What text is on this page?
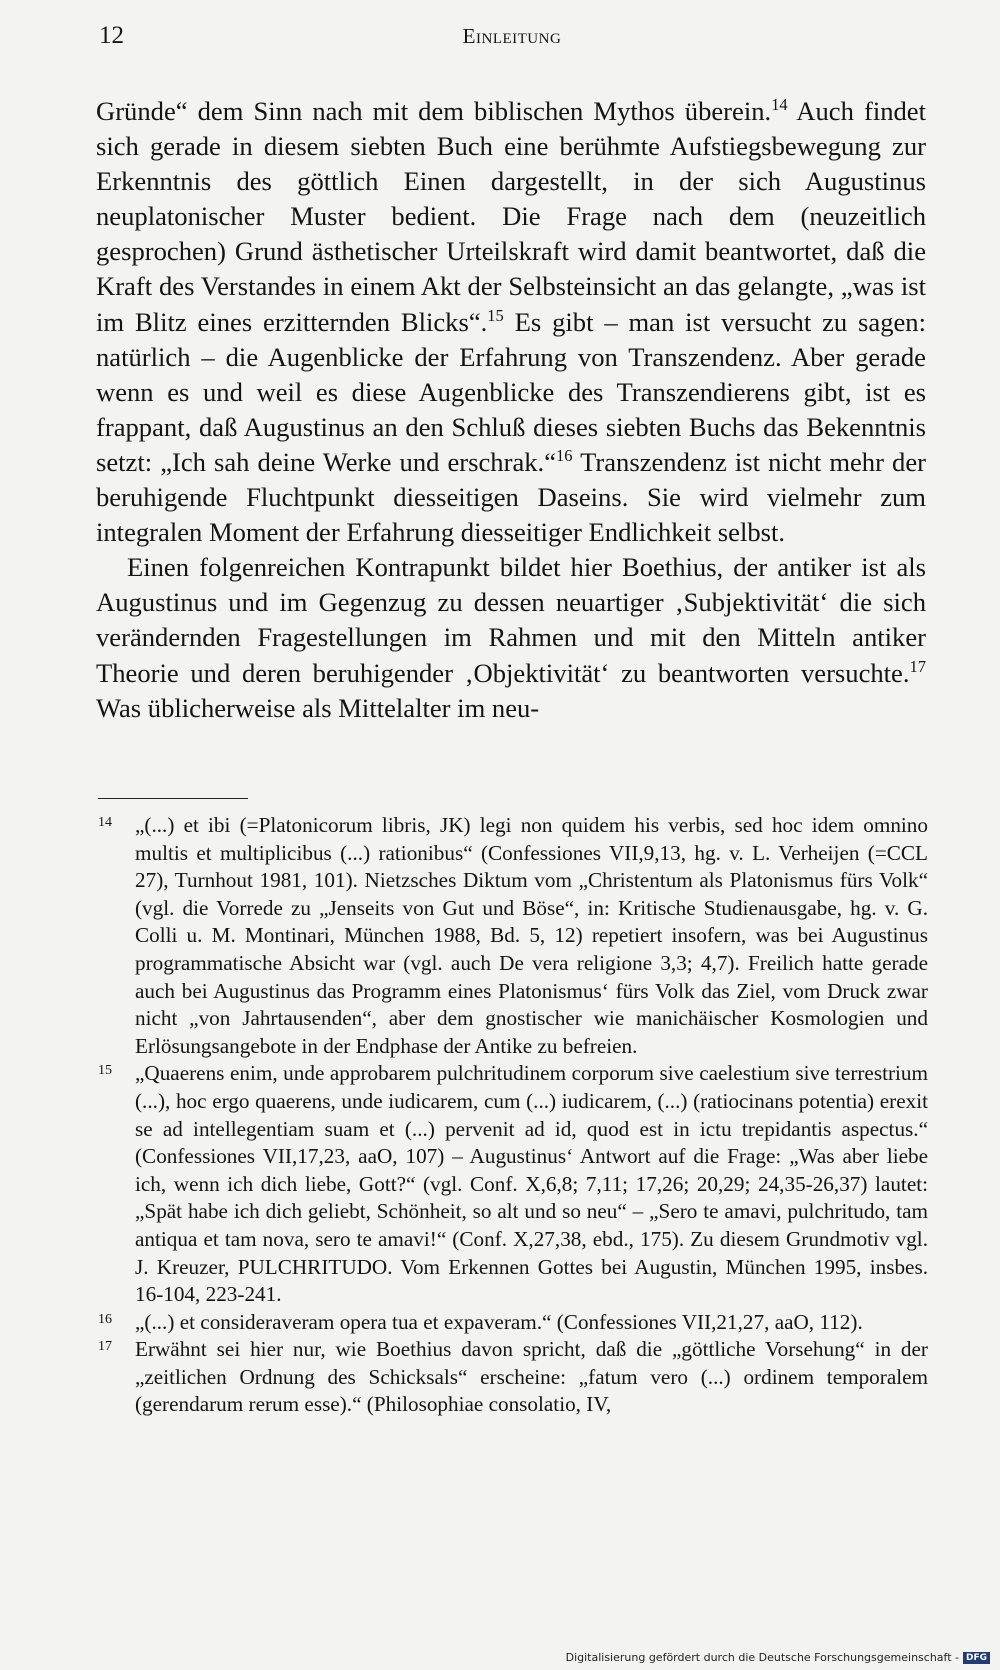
12	Einleitung

Gründe“ dem Sinn nach mit dem biblischen Mythos überein.$^{14}$ Auch findet sich gerade in diesem siebten Buch eine berühmte Aufstiegsbewegung zur Erkenntnis des göttlich Einen dargestellt, in der sich Augustinus neuplatonischer Muster bedient. Die Frage nach dem (neuzeitlich gesprochen) Grund ästhetischer Urteilskraft wird damit beantwortet, daß die Kraft des Verstandes in einem Akt der Selbsteinsicht an das gelangte, „was ist im Blitz eines erzitternden Blicks“.$^{15}$ Es gibt – man ist versucht zu sagen: natürlich – die Augenblicke der Erfahrung von Transzendenz. Aber gerade wenn es und weil es diese Augenblicke des Transzendierens gibt, ist es frappant, daß Augustinus an den Schluß dieses siebten Buchs das Bekenntnis setzt: „Ich sah deine Werke und erschrak.“$^{16}$ Transzendenz ist nicht mehr der beruhigende Fluchtpunkt diesseitigen Daseins. Sie wird vielmehr zum integralen Moment der Erfahrung diesseitiger Endlichkeit selbst.

Einen folgenreichen Kontrapunkt bildet hier Boethius, der antiker ist als Augustinus und im Gegenzug zu dessen neuartiger ‚Subjektivität‘ die sich verändernden Fragestellungen im Rahmen und mit den Mitteln antiker Theorie und deren beruhigender ‚Objektivität‘ zu beantworten versuchte.$^{17}$ Was üblicherweise als Mittelalter im neu-

14	„(...) et ibi (=Platonicorum libris, JK) legi non quidem his verbis, sed hoc idem omnino multis et multiplicibus (...) rationibus“ (Confessiones VII,9,13, hg. v. L. Verheijen (=CCL 27), Turnhout 1981, 101). Nietzsches Diktum vom „Christentum als Platonismus fürs Volk“ (vgl. die Vorrede zu „Jenseits von Gut und Böse“, in: Kritische Studienausgabe, hg. v. G. Colli u. M. Montinari, München 1988, Bd. 5, 12) repetiert insofern, was bei Augustinus programmatische Absicht war (vgl. auch De vera religione 3,3; 4,7). Freilich hatte gerade auch bei Augustinus das Programm eines Platonismus‘ fürs Volk das Ziel, vom Druck zwar nicht „von Jahrtausenden“, aber dem gnostischer wie manichäischer Kosmologien und Erlösungsangebote in der Endphase der Antike zu befreien.
15	„Quaerens enim, unde approbarem pulchritudinem corporum sive caelestium sive terrestrium (...), hoc ergo quaerens, unde iudicarem, cum (...) iudicarem, (...) (ratiocinans potentia) erexit se ad intellegentiam suam et (...) pervenit ad id, quod est in ictu trepidantis aspectus.“ (Confessiones VII,17,23, aaO, 107) – Augustinus‘ Antwort auf die Frage: „Was aber liebe ich, wenn ich dich liebe, Gott?“ (vgl. Conf. X,6,8; 7,11; 17,26; 20,29; 24,35-26,37) lautet: „Spät habe ich dich geliebt, Schönheit, so alt und so neu“ – „Sero te amavi, pulchritudo, tam antiqua et tam nova, sero te amavi!“ (Conf. X,27,38, ebd., 175). Zu diesem Grundmotiv vgl. J. Kreuzer, PULCHRITUDO. Vom Erkennen Gottes bei Augustin, München 1995, insbes. 16-104, 223-241.
16	„(...) et consideraveram opera tua et expaveram.“ (Confessiones VII,21,27, aaO, 112).
17	Erwähnt sei hier nur, wie Boethius davon spricht, daß die „göttliche Vorsehung“ in der „zeitlichen Ordnung des Schicksals“ erscheine: „fatum vero (...) ordinem temporalem (gerendarum rerum esse).“ (Philosophiae consolatio, IV,
Digitalisierung gefördert durch die Deutsche Forschungsgemeinschaft - DFG
